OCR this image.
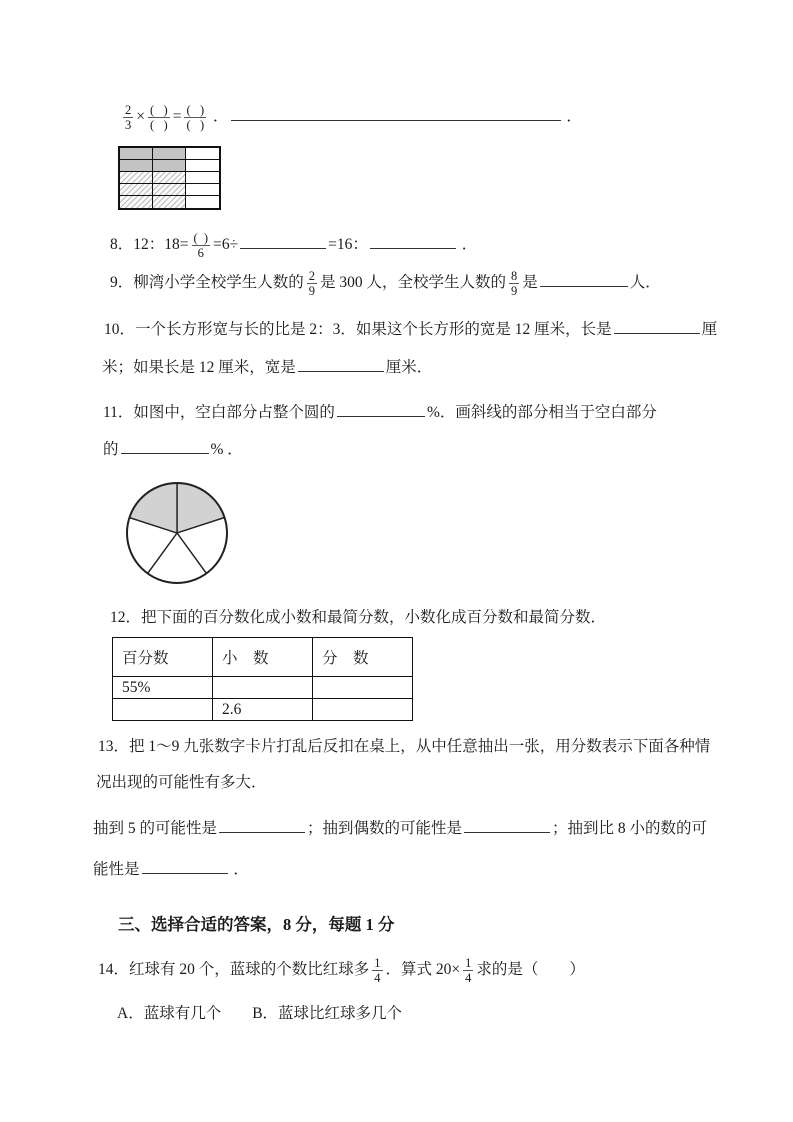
$\frac{2}{3} \times \frac{( )}{( )} = \frac{( )}{( )}$ ．	．
8．12：$18= \frac{( )}{6} =6\div$	=16：	．
9．柳湾小学全校学生人数的 $\frac{2}{9}$ 是 300 人，全校学生人数的 $\frac{8}{9}$ 是	人．
10．一个长方形宽与长的比是 2：3．如果这个长方形的宽是 12 厘米，长是	厘
米；如果长是 12 厘米，宽是	厘米．
11．如图中，空白部分占整个圆的	%．画斜线的部分相当于空白部分
的	% ．
12．把下面的百分数化成小数和最简分数，小数化成百分数和最简分数．
百分数	小　数	分　数
55%		
	2.6	
13．把 1～9 九张数字卡片打乱后反扣在桌上，从中任意抽出一张，用分数表示下面各种情
况出现的可能性有多大．
抽到 5 的可能性是	；抽到偶数的可能性是	；抽到比 8 小的数的可
能性是	．
三、选择合适的答案，8 分，每题 1 分
14．红球有 20 个，蓝球的个数比红球多 $\frac{1}{4}$ ．算式 $20\times \frac{1}{4}$ 求的是（　　）
A．蓝球有几个　　B．蓝球比红球多几个
